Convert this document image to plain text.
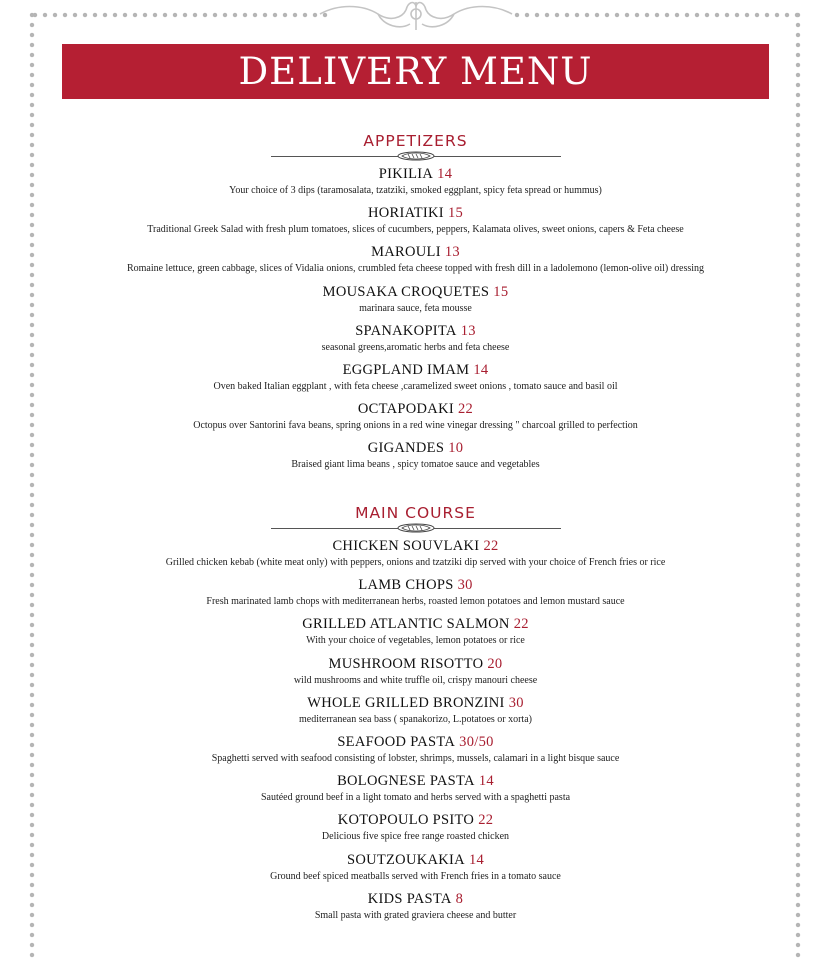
DELIVERY MENU
APPETIZERS
PIKILIA 14
Your choice of 3 dips (taramosalata, tzatziki, smoked eggplant, spicy feta spread or hummus)
HORIATIKI 15
Traditional Greek Salad with fresh plum tomatoes, slices of cucumbers, peppers, Kalamata olives, sweet onions, capers & Feta cheese
MAROULI 13
Romaine lettuce, green cabbage, slices of Vidalia onions, crumbled feta cheese topped with fresh dill in a ladolemono (lemon-olive oil) dressing
MOUSAKA CROQUETES 15
marinara sauce, feta mousse
SPANAKOPITA 13
seasonal greens,aromatic herbs and feta cheese
EGGPLAND IMAM 14
Oven baked Italian eggplant , with feta cheese ,caramelized sweet onions , tomato sauce and basil oil
OCTAPODAKI 22
Octopus over Santorini fava beans, spring onions in a red wine vinegar dressing " charcoal grilled to perfection
GIGANDES 10
Braised giant lima beans , spicy tomatoe sauce and vegetables
MAIN COURSE
CHICKEN SOUVLAKI 22
Grilled chicken kebab (white meat only) with peppers, onions and tzatziki dip served with your choice of French fries or rice
LAMB CHOPS 30
Fresh marinated lamb chops with mediterranean herbs, roasted lemon potatoes and lemon mustard sauce
GRILLED ATLANTIC SALMON 22
With your choice of vegetables, lemon potatoes or rice
MUSHROOM RISOTTO 20
wild mushrooms and white truffle oil, crispy manouri cheese
WHOLE GRILLED BRONZINI 30
mediterranean sea bass ( spanakorizo, L.potatoes or xorta)
SEAFOOD PASTA 30/50
Spaghetti served with seafood consisting of lobster, shrimps, mussels, calamari in a light bisque sauce
BOLOGNESE PASTA 14
Sautéed ground beef in a light tomato and herbs served with a spaghetti pasta
KOTOPOULO PSITO 22
Delicious five spice free range roasted chicken
SOUTZOUKAKIA 14
Ground beef spiced meatballs served with French fries in a tomato sauce
KIDS PASTA 8
Small pasta with grated graviera cheese and butter
